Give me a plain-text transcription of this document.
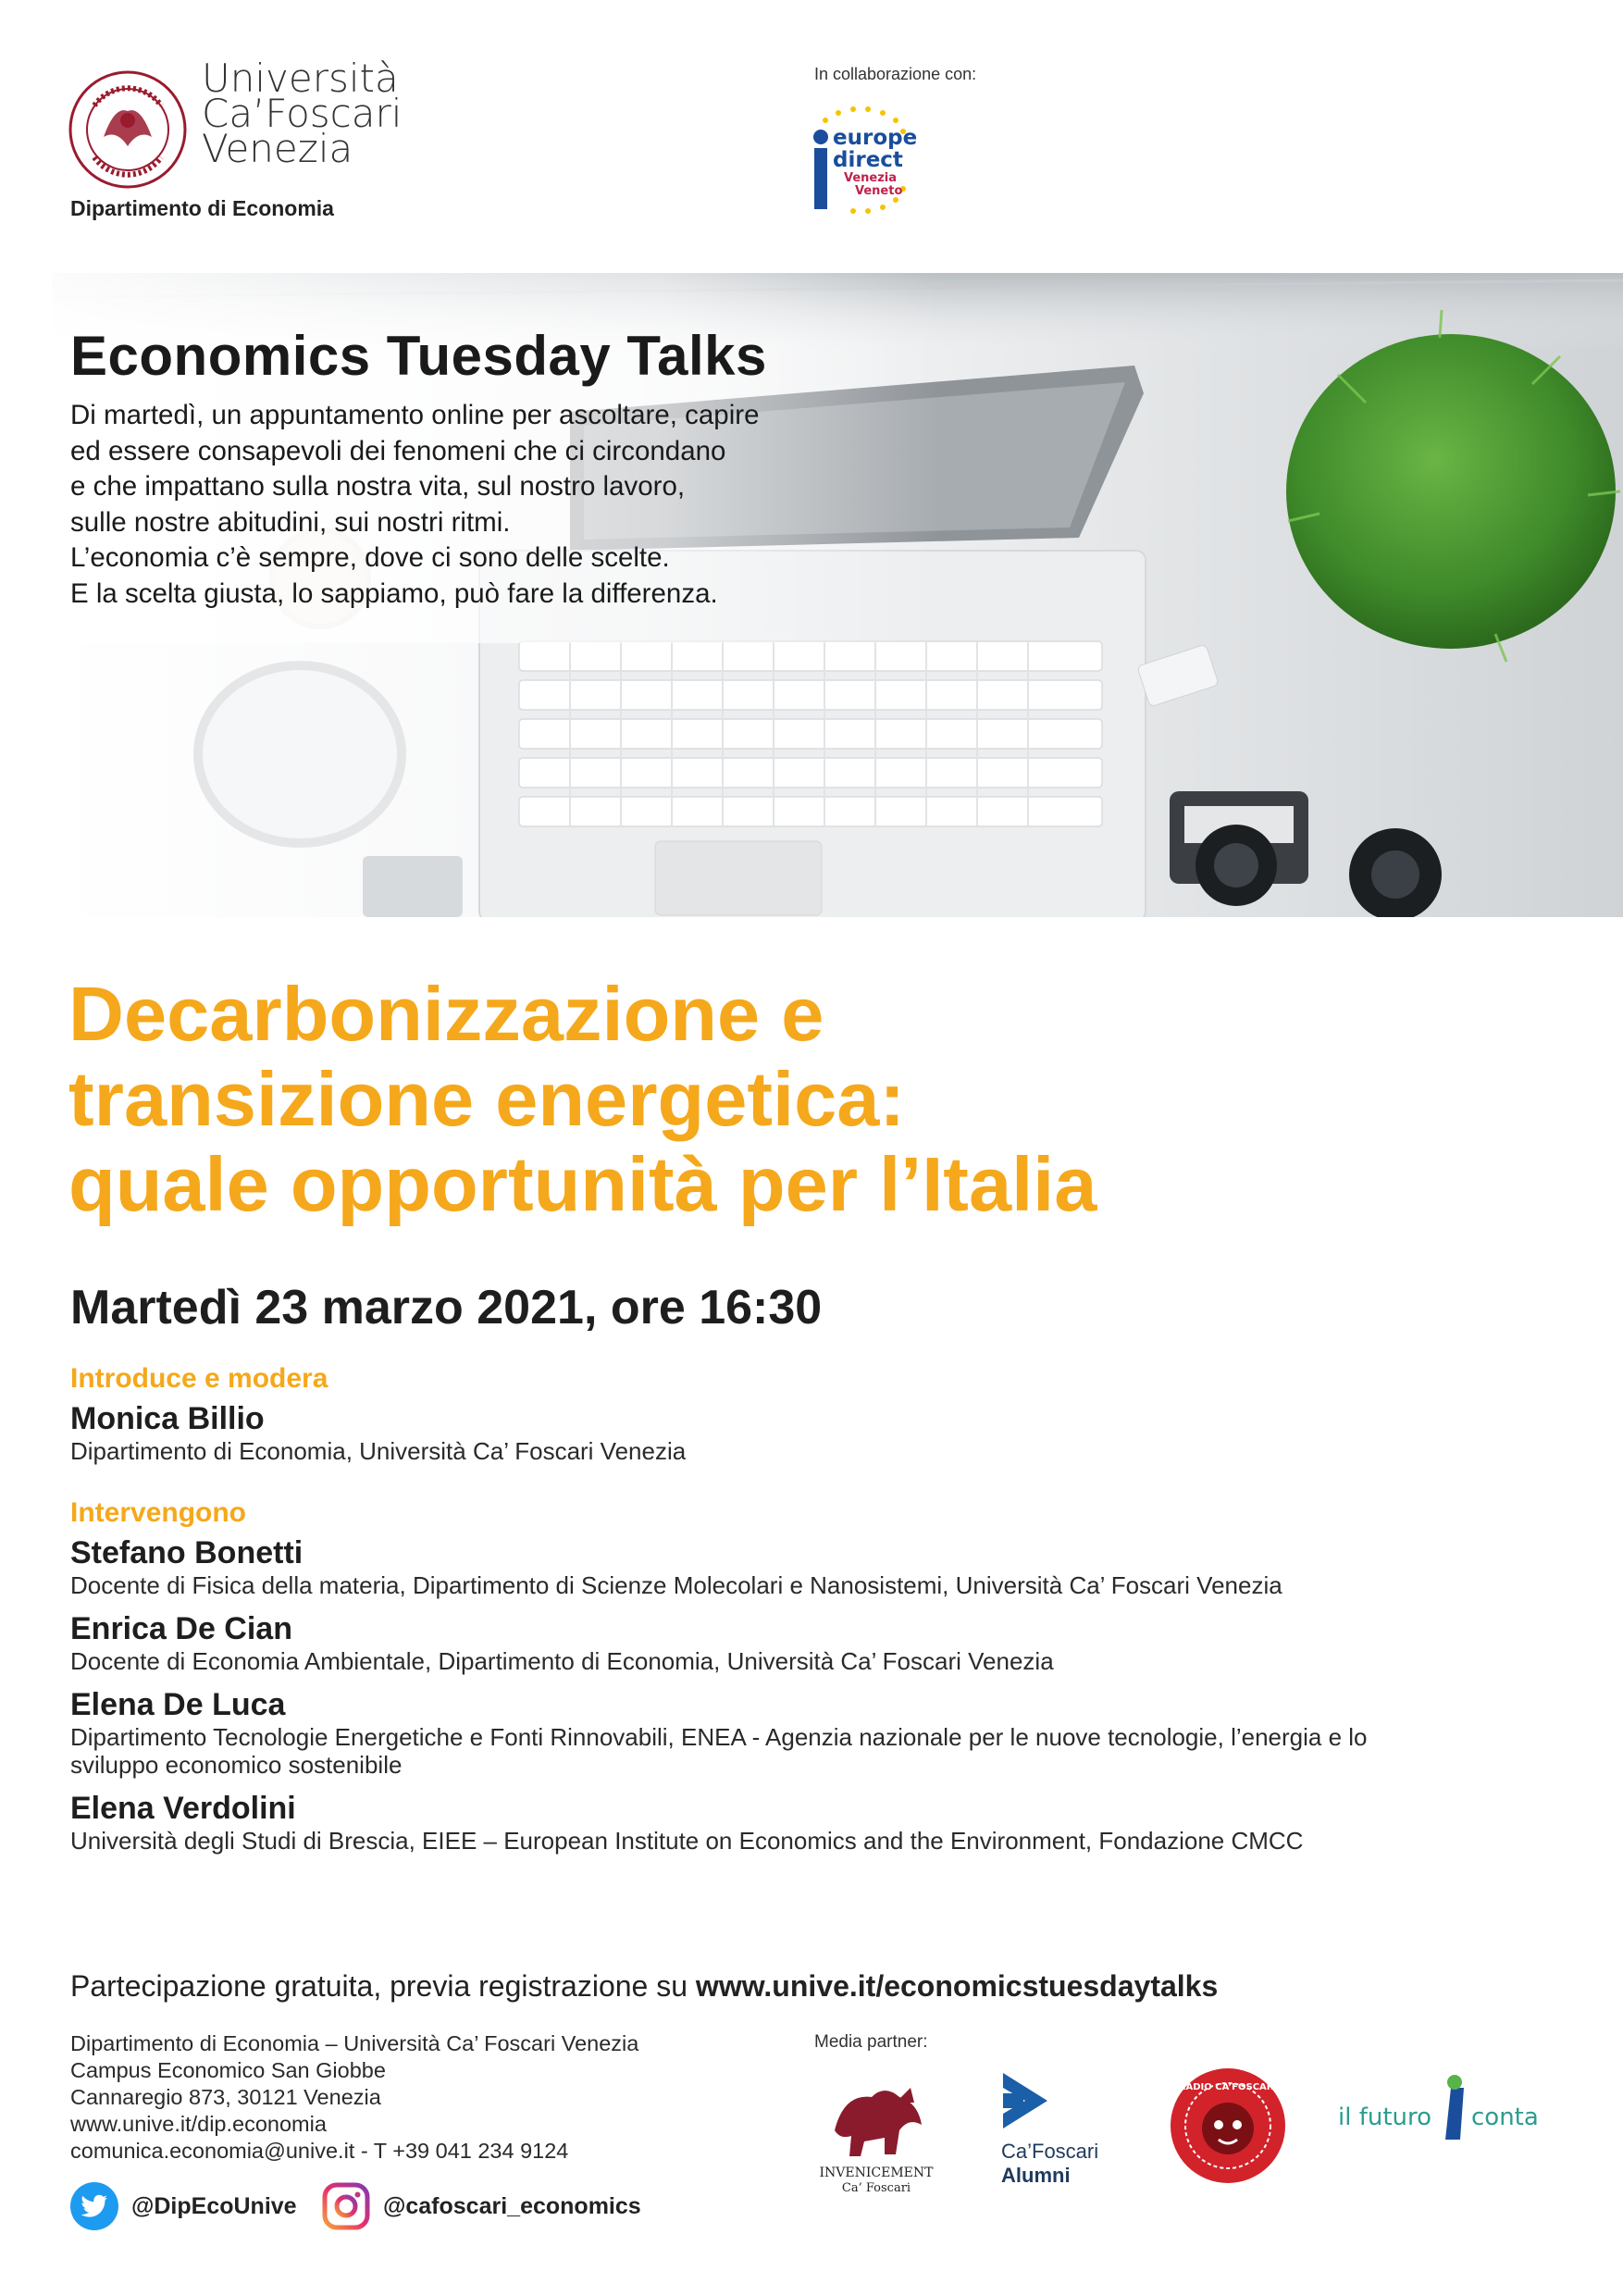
Università
Ca’Foscari
Venezia
Dipartimento di Economia
In collaborazione con:
europe
direct
Venezia
Veneto
Economics Tuesday Talks
Di martedì, un appuntamento online per ascoltare, capire
ed essere consapevoli dei fenomeni che ci circondano
e che impattano sulla nostra vita, sul nostro lavoro,
sulle nostre abitudini, sui nostri ritmi.
L’economia c’è sempre, dove ci sono delle scelte.
E la scelta giusta, lo sappiamo, può fare la differenza.
Decarbonizzazione e
transizione energetica:
quale opportunità per l’Italia
Martedì 23 marzo 2021, ore 16:30
Introduce e modera
Monica Billio
Dipartimento di Economia, Università Ca’ Foscari Venezia
Intervengono
Stefano Bonetti
Docente di Fisica della materia, Dipartimento di Scienze Molecolari e Nanosistemi, Università Ca’ Foscari Venezia
Enrica De Cian
Docente di Economia Ambientale, Dipartimento di Economia, Università Ca’ Foscari Venezia
Elena De Luca
Dipartimento Tecnologie Energetiche e Fonti Rinnovabili, ENEA - Agenzia nazionale per le nuove tecnologie, l’energia e lo
sviluppo economico sostenibile
Elena Verdolini
Università degli Studi di Brescia, EIEE – European Institute on Economics and the Environment, Fondazione CMCC
Partecipazione gratuita, previa registrazione su www.unive.it/economicstuesdaytalks
Dipartimento di Economia – Università Ca’ Foscari Venezia
Campus Economico San Giobbe
Cannaregio 873, 30121 Venezia
www.unive.it/dip.economia
comunica.economia@unive.it - T +39 041 234 9124
@DipEcoUnive	@cafoscari_economics
Media partner:
INVENICEMENT
Ca’ Foscari
Ca’Foscari
Alumni
RADIO CA’FOSCARI
il futuro conta
